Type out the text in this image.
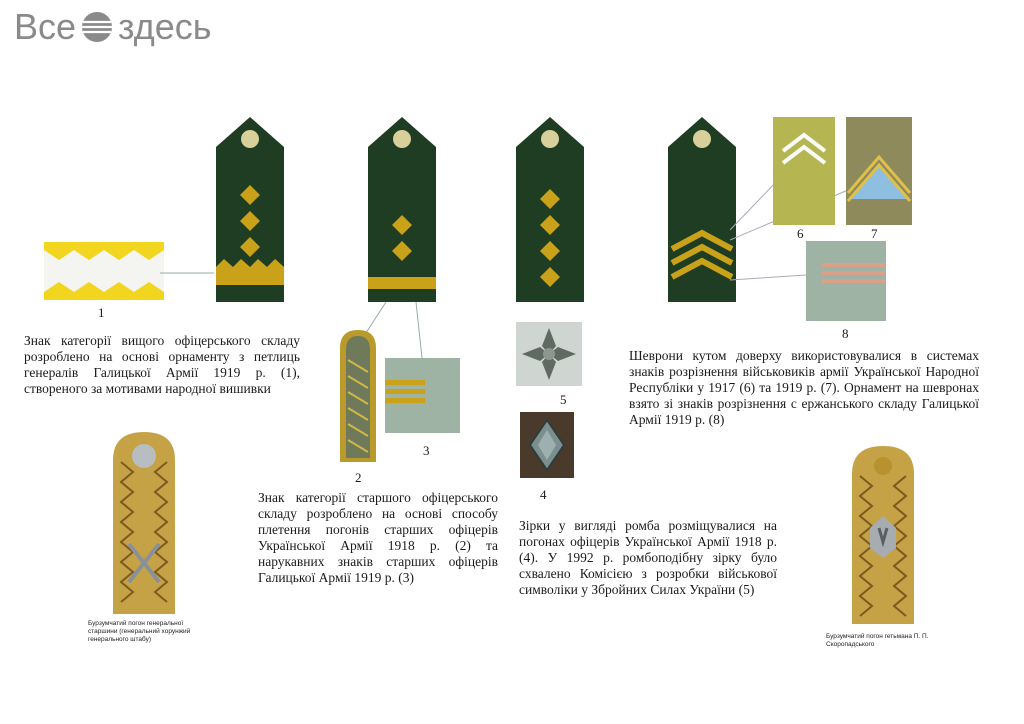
Все здесь
1
2
3
5
4
6	7
8
Знак категорії вищого офіцерського складу розроблено на основі орнаменту з петлиць генералів Галицької Армії 1919 р. (1), створеного за мотивами народної вишивки
Знак категорії старшого офіцерського складу розроблено на основі способу плетення погонів старших офіцерів Української Армії 1918 р. (2) та нарукавних знаків старших офіцерів Галицької Армії 1919 р. (3)
Зірки у вигляді ромба розміщувалися на погонах офіцерів Української Армії 1918 р. (4). У 1992 р. ромбоподібну зірку було схвалено Комісією з розробки військової символіки у Збройних Силах України (5)
Шеврони кутом доверху використовувалися в системах знаків розрізнення військовиків армії Української Народної Республіки у 1917 (6) та 1919 р. (7). Орнамент на шевронах взято зі знаків розрізнення с ержанського складу Галицької Армії 1919 р. (8)
Бурзумчатий погон генеральної старшини (генеральний хорунжий генерального штабу)	Бурзумчатий погон гетьмана П. П. Скоропадського
